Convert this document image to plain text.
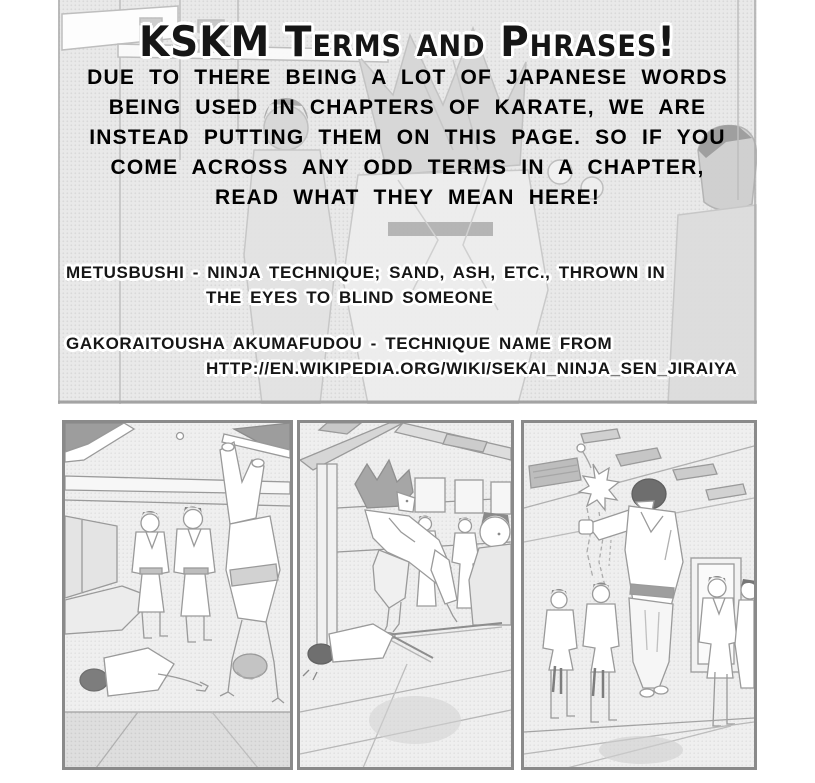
KSKM Terms and Phrases!
DUE TO THERE BEING A LOT OF JAPANESE WORDS
BEING USED IN CHAPTERS OF KARATE, WE ARE
INSTEAD PUTTING THEM ON THIS PAGE. SO IF YOU
COME ACROSS ANY ODD TERMS IN A CHAPTER,
READ WHAT THEY MEAN HERE!
METUSBUSHI - NINJA TECHNIQUE; SAND, ASH, ETC., THROWN IN
THE EYES TO BLIND SOMEONE
GAKORAITOUSHA AKUMAFUDOU - TECHNIQUE NAME FROM
HTTP://EN.WIKIPEDIA.ORG/WIKI/SEKAI_NINJA_SEN_JIRAIYA
